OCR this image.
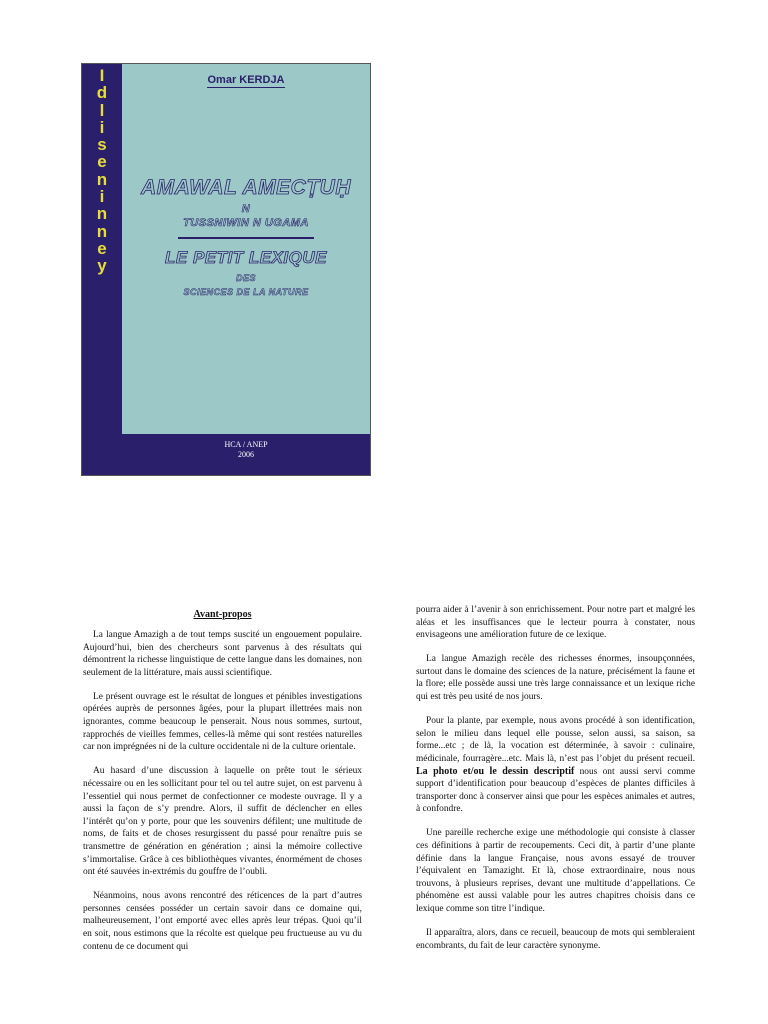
I
d
l
i
s
e
n
i
n
n
e
y
Omar KERDJA
AMAWAL AMECṬUḤ
N
TUSSNIWIN N UGAMA
LE PETIT LEXIQUE
DES
SCIENCES DE LA NATURE
HCA / ANEP
2006
Avant-propos

La langue Amazigh a de tout temps suscité un engouement populaire. Aujourd’hui, bien des chercheurs sont parvenus à des résultats qui démontrent la richesse linguistique de cette langue dans les domaines, non seulement de la littérature, mais aussi scientifique.

Le présent ouvrage est le résultat de longues et pénibles investigations opérées auprès de personnes âgées, pour la plupart illettrées mais non ignorantes, comme beaucoup le penserait. Nous nous sommes, surtout, rapprochés de vieilles femmes, celles-là même qui sont restées naturelles car non imprégnées ni de la culture occidentale ni de la culture orientale.

Au hasard d’une discussion à laquelle on prête tout le sérieux nécessaire ou en les sollicitant pour tel ou tel autre sujet, on est parvenu à l’essentiel qui nous permet de confectionner ce modeste ouvrage. Il y a aussi la façon de s’y prendre. Alors, il suffit de déclencher en elles l’intérêt qu’on y porte, pour que les souvenirs défilent; une multitude de noms, de faits et de choses resurgissent du passé pour renaître puis se transmettre de génération en génération ; ainsi la mémoire collective s’immortalise. Grâce à ces bibliothèques vivantes, énormément de choses ont été sauvées in-extrémis du gouffre de l’oubli.

Néanmoins, nous avons rencontré des réticences de la part d’autres personnes censées posséder un certain savoir dans ce domaine qui, malheureusement, l’ont emporté avec elles après leur trépas. Quoi qu’il en soit, nous estimons que la récolte est quelque peu fructueuse au vu du contenu de ce document qui

pourra aider à l’avenir à son enrichissement. Pour notre part et malgré les aléas et les insuffisances que le lecteur pourra à constater, nous envisageons une amélioration future de ce lexique.

La langue Amazigh recèle des richesses énormes, insoupçonnées, surtout dans le domaine des sciences de la nature, précisément la faune et la flore; elle possède aussi une très large connaissance et un lexique riche qui est très peu usité de nos jours.

Pour la plante, par exemple, nous avons procédé à son identification, selon le milieu dans lequel elle pousse, selon aussi, sa saison, sa forme...etc ; de là, la vocation est déterminée, à savoir : culinaire, médicinale, fourragère...etc. Mais là, n’est pas l’objet du présent recueil. La photo et/ou le dessin descriptif nous ont aussi servi comme support d’identification pour beaucoup d’espèces de plantes difficiles à transporter donc à conserver ainsi que pour les espèces animales et autres, à confondre.

Une pareille recherche exige une méthodologie qui consiste à classer ces définitions à partir de recoupements. Ceci dit, à partir d’une plante définie dans la langue Française, nous avons essayé de trouver l’équivalent en Tamazight. Et là, chose extraordinaire, nous nous trouvons, à plusieurs reprises, devant une multitude d’appellations. Ce phénomène est aussi valable pour les autres chapitres choisis dans ce lexique comme son titre l’indique.

Il apparaîtra, alors, dans ce recueil, beaucoup de mots qui sembleraient encombrants, du fait de leur caractère synonyme.
